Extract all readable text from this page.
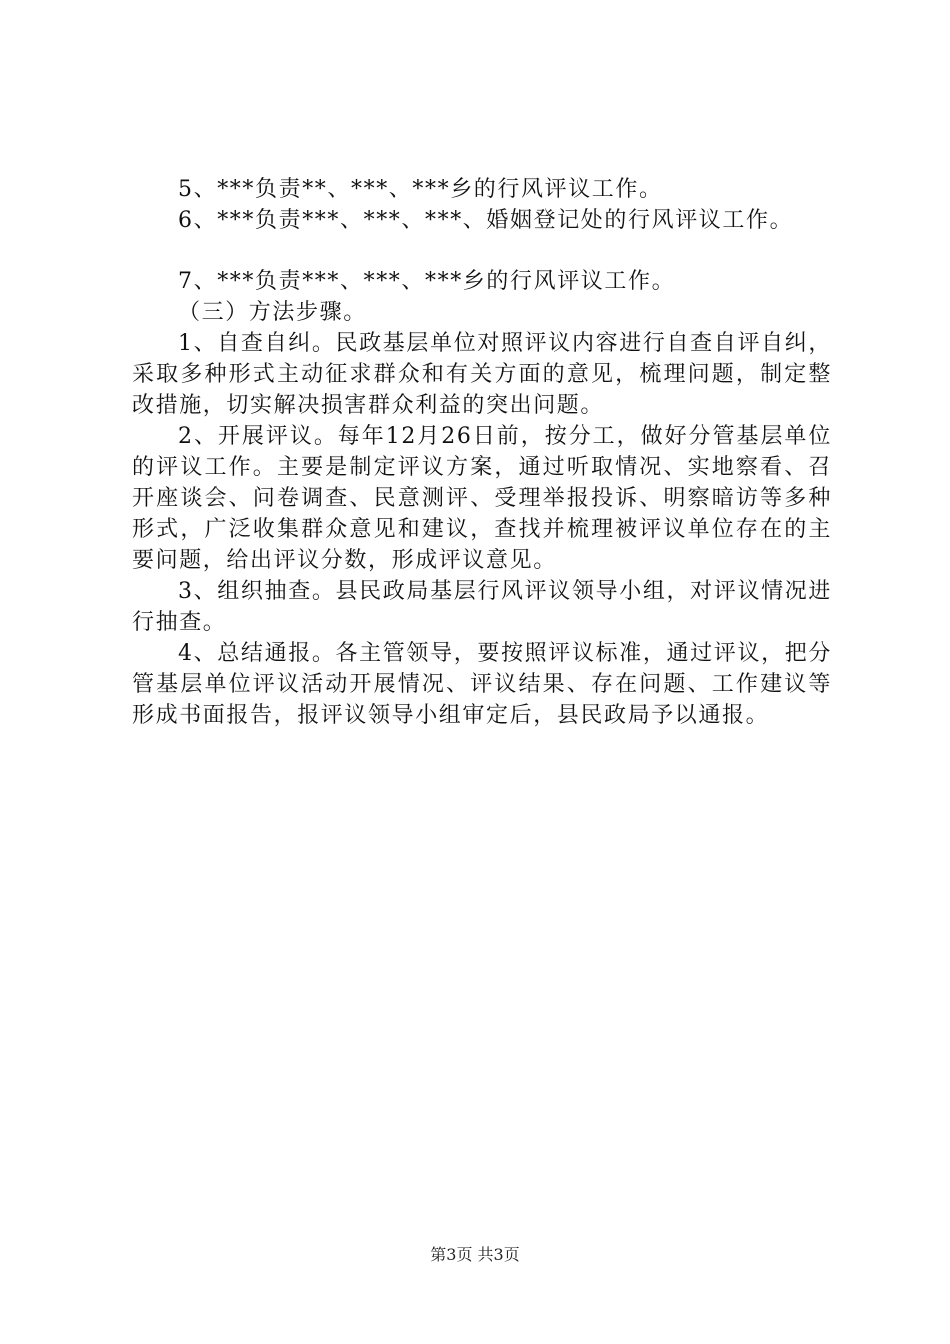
5、***负责**、***、***乡的行风评议工作。

6、***负责***、***、***、婚姻登记处的行风评议工作。

7、***负责***、***、***乡的行风评议工作。

（三）方法步骤。

1、自查自纠。民政基层单位对照评议内容进行自查自评自纠，采取多种形式主动征求群众和有关方面的意见，梳理问题，制定整改措施，切实解决损害群众利益的突出问题。

2、开展评议。每年12月26日前，按分工，做好分管基层单位的评议工作。主要是制定评议方案，通过听取情况、实地察看、召开座谈会、问卷调查、民意测评、受理举报投诉、明察暗访等多种形式，广泛收集群众意见和建议，查找并梳理被评议单位存在的主要问题，给出评议分数，形成评议意见。

3、组织抽查。县民政局基层行风评议领导小组，对评议情况进行抽查。

4、总结通报。各主管领导，要按照评议标准，通过评议，把分管基层单位评议活动开展情况、评议结果、存在问题、工作建议等形成书面报告，报评议领导小组审定后，县民政局予以通报。

第3页 共3页
